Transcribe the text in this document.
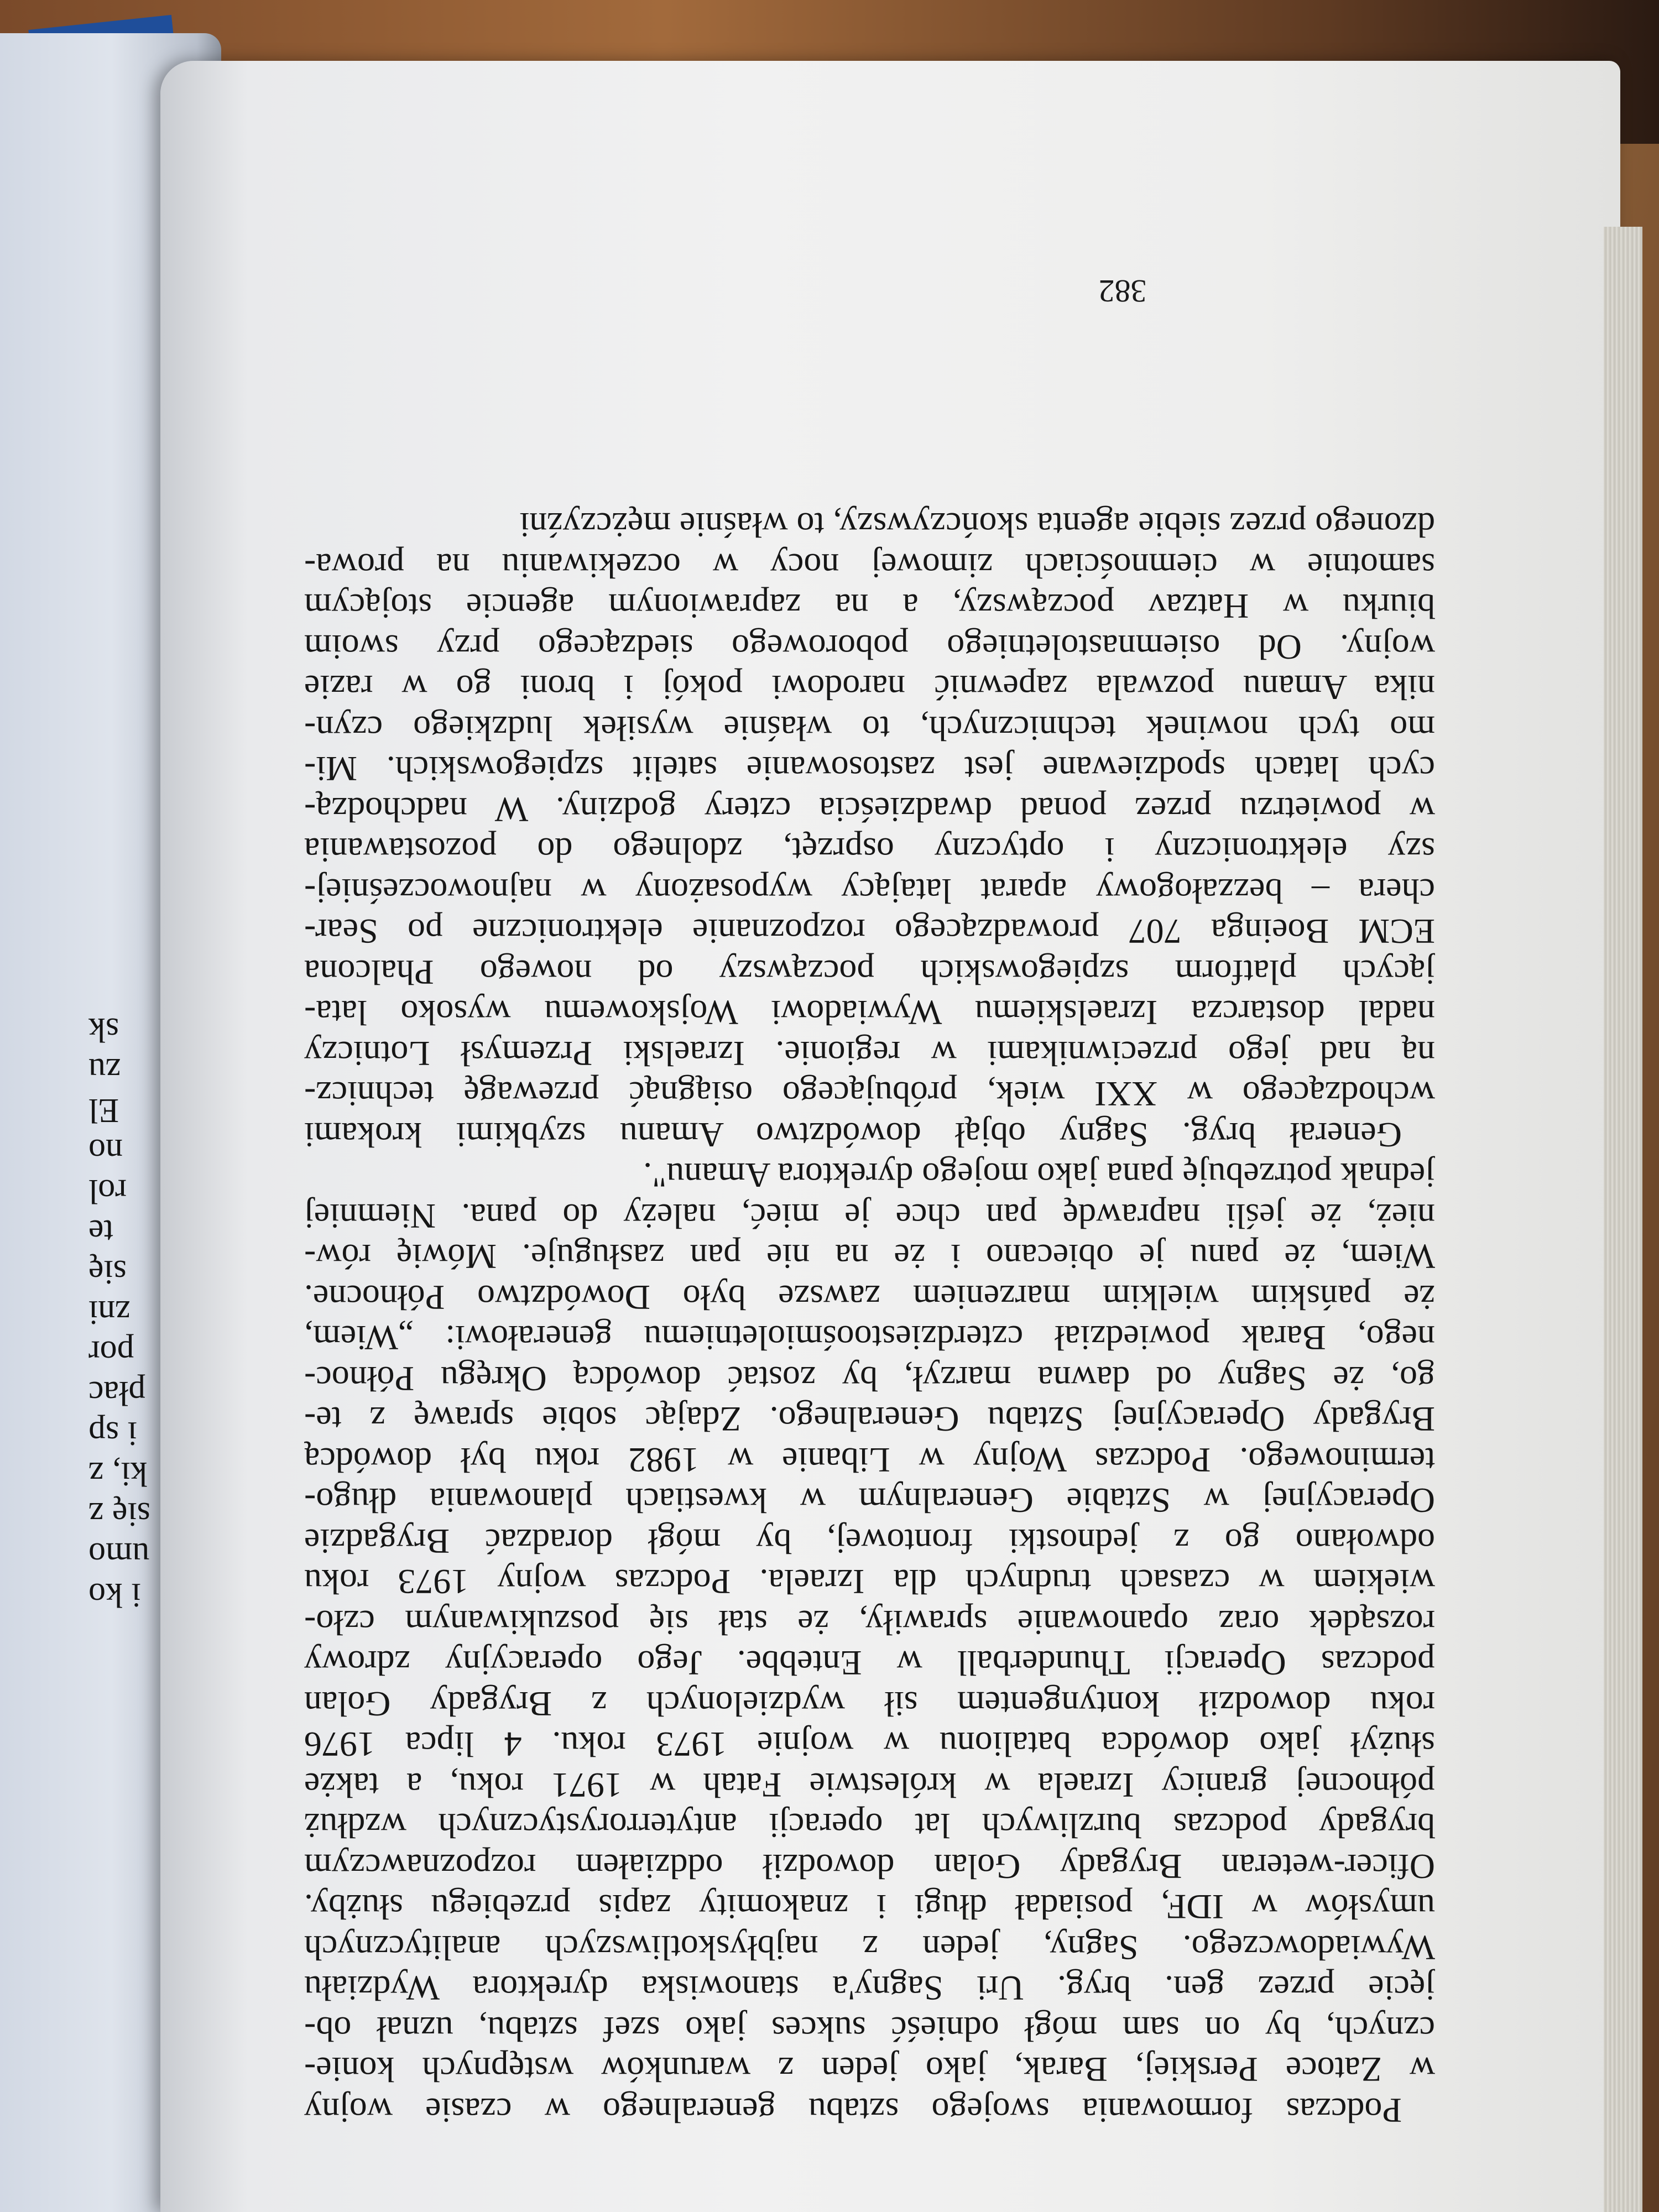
i ko
umo
się z
ki, z
i sp
płac
por
zni
się
te
rol
no
El
zu
sk
Podczas formowania swojego sztabu generalnego w czasie wojny
w Zatoce Perskiej, Barak, jako jeden z warunków wstępnych konie-
cznych, by on sam mógł odnieść sukces jako szef sztabu, uznał ob-
jęcie przez gen. bryg. Uri Sagny'a stanowiska dyrektora Wydziału
Wywiadowczego. Sagny, jeden z najbłyskotliwszych analitycznych
umysłów w IDF, posiadał długi i znakomity zapis przebiegu służby.
Oficer-weteran Brygady Golan dowodził oddziałem rozpoznawczym
brygady podczas burzliwych lat operacji antyterrorystycznych wzdłuż
północnej granicy Izraela w królestwie Fatah w 1971 roku, a także
służył jako dowódca batalionu w wojnie 1973 roku. 4 lipca 1976
roku dowodził kontyngentem sił wydzielonych z Brygady Golan
podczas Operacji Thunderball w Entebbe. Jego operacyjny zdrowy
rozsądek oraz opanowanie sprawiły, że stał się poszukiwanym czło-
wiekiem w czasach trudnych dla Izraela. Podczas wojny 1973 roku
odwołano go z jednostki frontowej, by mógł doradzać Brygadzie
Operacyjnej w Sztabie Generalnym w kwestiach planowania długo-
terminowego. Podczas Wojny w Libanie w 1982 roku był dowódcą
Brygady Operacyjnej Sztabu Generalnego. Zdając sobie sprawę z te-
go, że Sagny od dawna marzył, by zostać dowódcą Okręgu Północ-
nego, Barak powiedział czterdziestoośmioletniemu generałowi: „Wiem,
że pańskim wielkim marzeniem zawsze było Dowództwo Północne.
Wiem, że panu je obiecano i że na nie pan zasługuje. Mówię rów-
nież, że jeśli naprawdę pan chce je mieć, należy do pana. Niemniej
jednak potrzebuję pana jako mojego dyrektora Amanu".
Generał bryg. Sagny objął dowództwo Amanu szybkimi krokami
wchodzącego w XXI wiek, próbującego osiągnąć przewagę technicz-
ną nad jego przeciwnikami w regionie. Izraelski Przemysł Lotniczy
nadal dostarcza Izraelskiemu Wywiadowi Wojskowemu wysoko lata-
jących platform szpiegowskich począwszy od nowego Phalcona
ECM Boeinga 707 prowadzącego rozpoznanie elektroniczne po Sear-
chera – bezzałogowy aparat latający wyposażony w najnowocześniej-
szy elektroniczny i optyczny osprzęt, zdolnego do pozostawania
w powietrzu przez ponad dwadzieścia cztery godziny. W nadchodzą-
cych latach spodziewane jest zastosowanie satelit szpiegowskich. Mi-
mo tych nowinek technicznych, to właśnie wysiłek ludzkiego czyn-
nika Amanu pozwala zapewnić narodowi pokój i broni go w razie
wojny. Od osiemnastoletniego poborowego siedzącego przy swoim
biurku w Hatzav począwszy, a na zaprawionym agencie stojącym
samotnie w ciemnościach zimowej nocy w oczekiwaniu na prowa-
dzonego przez siebie agenta skończywszy, to właśnie mężczyźni
382
